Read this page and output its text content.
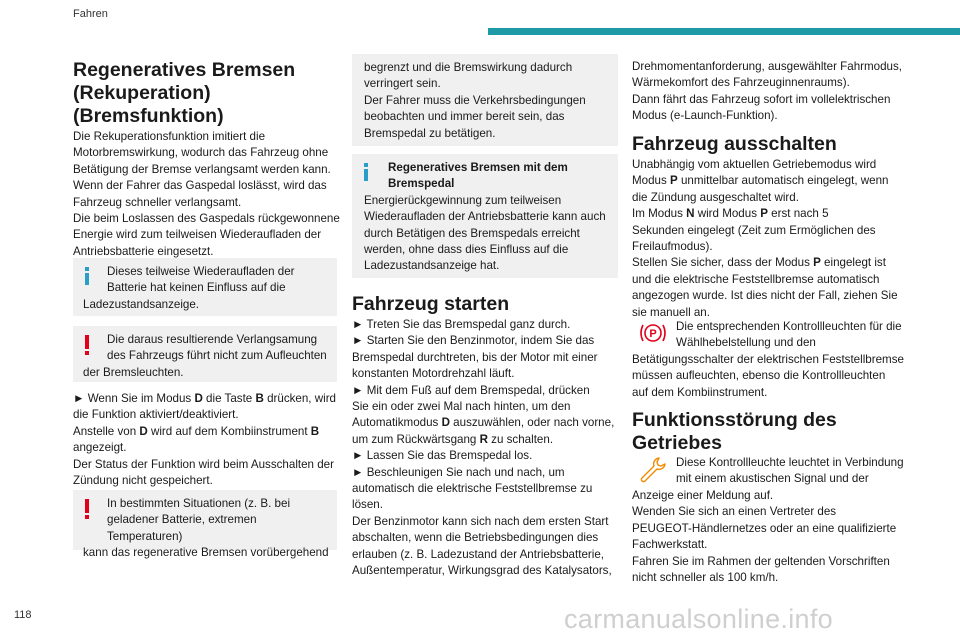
Fahren
Regeneratives Bremsen (Rekuperation) (Bremsfunktion)
Die Rekuperationsfunktion imitiert die
Motorbremswirkung, wodurch das Fahrzeug ohne
Betätigung der Bremse verlangsamt werden kann.
Wenn der Fahrer das Gaspedal loslässt, wird das
Fahrzeug schneller verlangsamt.
Die beim Loslassen des Gaspedals rückgewonnene
Energie wird zum teilweisen Wiederaufladen der
Antriebsbatterie eingesetzt.
Dieses teilweise Wiederaufladen der
Batterie hat keinen Einfluss auf die
Ladezustandsanzeige.
Die daraus resultierende Verlangsamung
des Fahrzeugs führt nicht zum Aufleuchten
der Bremsleuchten.
► Wenn Sie im Modus D die Taste B drücken, wird
die Funktion aktiviert/deaktiviert.
Anstelle von D wird auf dem Kombiinstrument B
angezeigt.
Der Status der Funktion wird beim Ausschalten der
Zündung nicht gespeichert.
In bestimmten Situationen (z. B. bei
geladener Batterie, extremen Temperaturen)
kann das regenerative Bremsen vorübergehend
begrenzt und die Bremswirkung dadurch
verringert sein.
Der Fahrer muss die Verkehrsbedingungen
beobachten und immer bereit sein, das
Bremspedal zu betätigen.
Regeneratives Bremsen mit dem
Bremspedal
Energierückgewinnung zum teilweisen
Wiederaufladen der Antriebsbatterie kann auch
durch Betätigen des Bremspedals erreicht
werden, ohne dass dies Einfluss auf die
Ladezustandsanzeige hat.
Fahrzeug starten
► Treten Sie das Bremspedal ganz durch.
► Starten Sie den Benzinmotor, indem Sie das
Bremspedal durchtreten, bis der Motor mit einer
konstanten Motordrehzahl läuft.
► Mit dem Fuß auf dem Bremspedal, drücken
Sie ein oder zwei Mal nach hinten, um den
Automatikmodus D auszuwählen, oder nach vorne,
um zum Rückwärtsgang R zu schalten.
► Lassen Sie das Bremspedal los.
► Beschleunigen Sie nach und nach, um
automatisch die elektrische Feststellbremse zu
lösen.
Der Benzinmotor kann sich nach dem ersten Start
abschalten, wenn die Betriebsbedingungen dies
erlauben (z. B. Ladezustand der Antriebsbatterie,
Außentemperatur, Wirkungsgrad des Katalysators,
Drehmomentanforderung, ausgewählter Fahrmodus,
Wärmekomfort des Fahrzeuginnenraums).
Dann fährt das Fahrzeug sofort im vollelektrischen
Modus (e-Launch-Funktion).
Fahrzeug ausschalten
Unabhängig vom aktuellen Getriebemodus wird
Modus P unmittelbar automatisch eingelegt, wenn
die Zündung ausgeschaltet wird.
Im Modus N wird Modus P erst nach 5
Sekunden eingelegt (Zeit zum Ermöglichen des
Freilaufmodus).
Stellen Sie sicher, dass der Modus P eingelegt ist
und die elektrische Feststellbremse automatisch
angezogen wurde. Ist dies nicht der Fall, ziehen Sie
sie manuell an.
P
Die entsprechenden Kontrollleuchten für die
Wählhebelstellung und den
Betätigungsschalter der elektrischen Feststellbremse
müssen aufleuchten, ebenso die Kontrollleuchten
auf dem Kombiinstrument.
Funktionsstörung des Getriebes
Diese Kontrollleuchte leuchtet in Verbindung
mit einem akustischen Signal und der
Anzeige einer Meldung auf.
Wenden Sie sich an einen Vertreter des
PEUGEOT-Händlernetzes oder an eine qualifizierte
Fachwerkstatt.
Fahren Sie im Rahmen der geltenden Vorschriften
nicht schneller als 100 km/h.
118	carmanualsonline.info
